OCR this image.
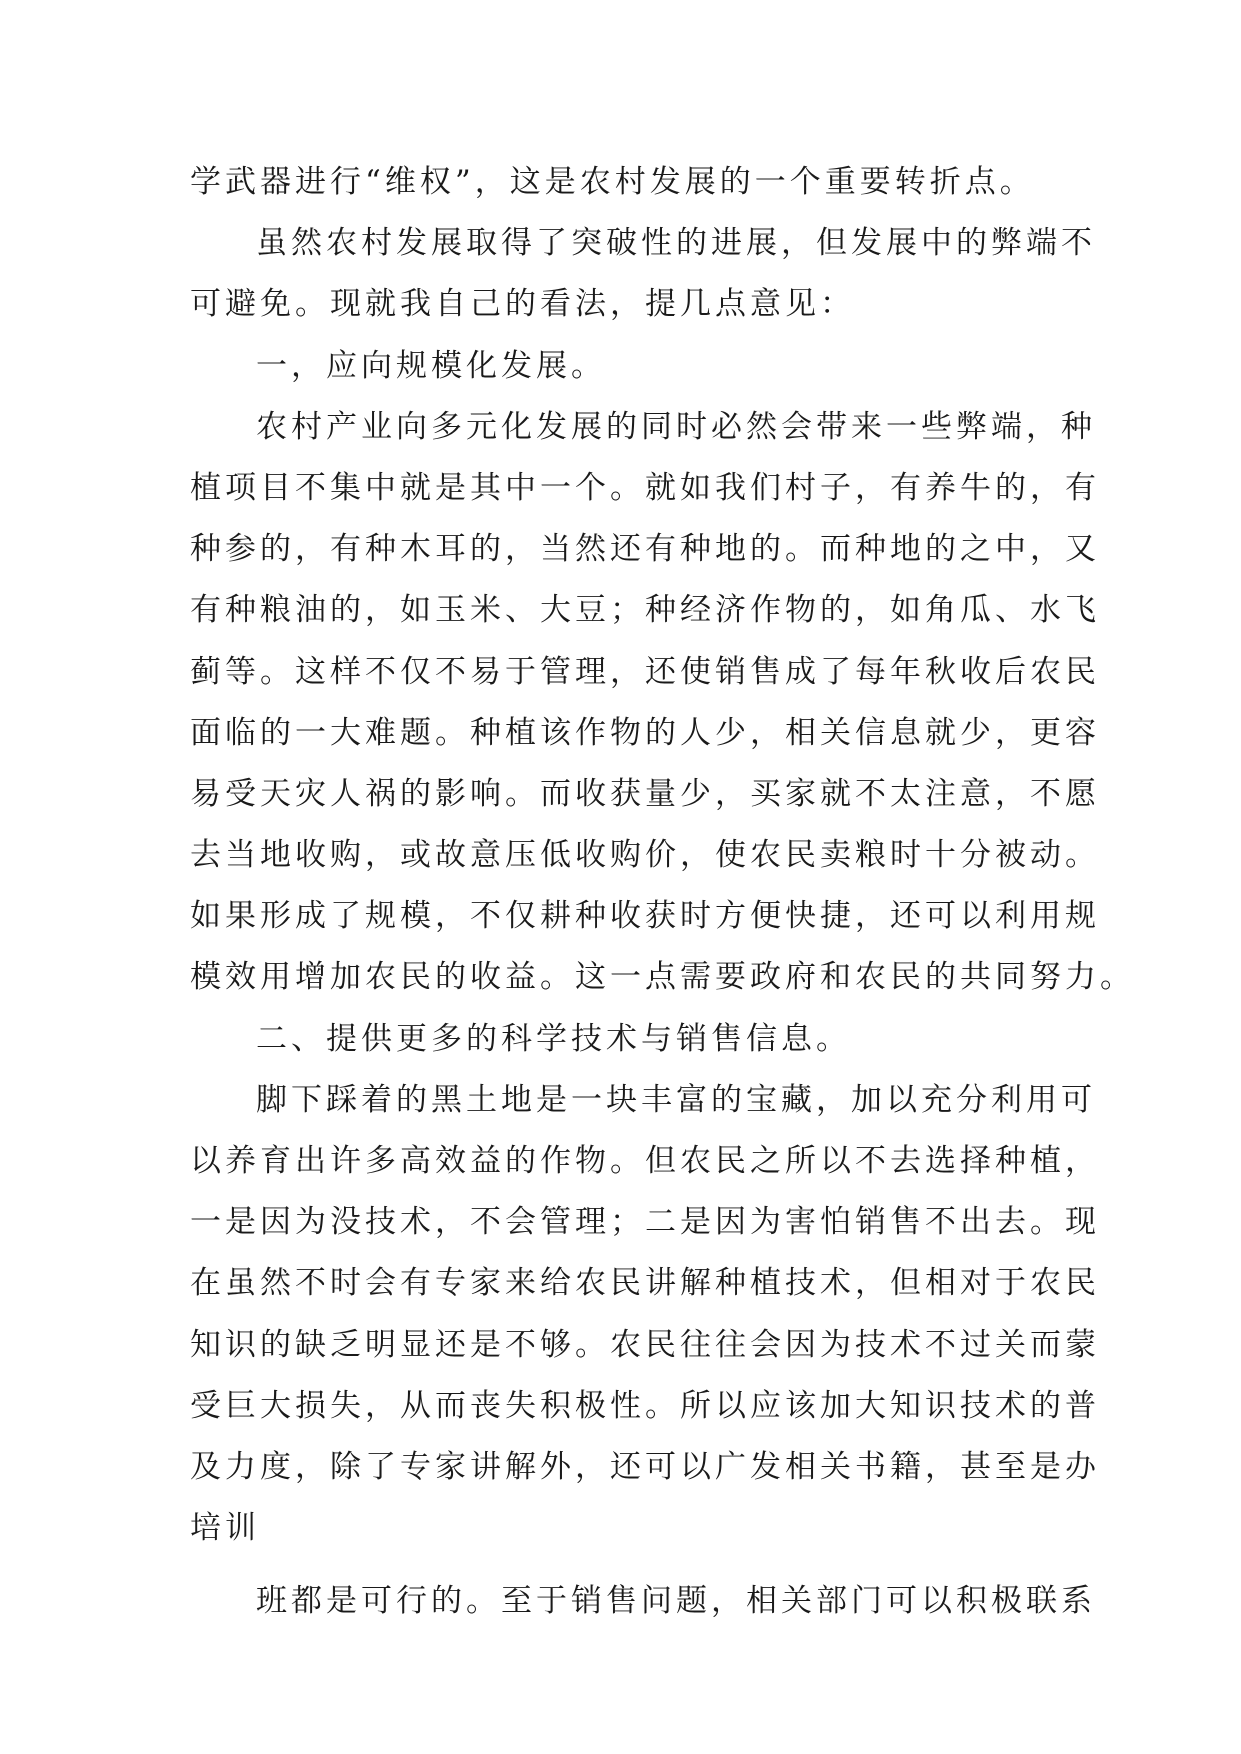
学武器进行“维权”，这是农村发展的一个重要转折点。
虽然农村发展取得了突破性的进展，但发展中的弊端不
可避免。现就我自己的看法，提几点意见：
一，应向规模化发展。
农村产业向多元化发展的同时必然会带来一些弊端，种
植项目不集中就是其中一个。就如我们村子，有养牛的，有
种参的，有种木耳的，当然还有种地的。而种地的之中，又
有种粮油的，如玉米、大豆；种经济作物的，如角瓜、水飞
蓟等。这样不仅不易于管理，还使销售成了每年秋收后农民
面临的一大难题。种植该作物的人少，相关信息就少，更容
易受天灾人祸的影响。而收获量少，买家就不太注意，不愿
去当地收购，或故意压低收购价，使农民卖粮时十分被动。
如果形成了规模，不仅耕种收获时方便快捷，还可以利用规
模效用增加农民的收益。这一点需要政府和农民的共同努力。
二、提供更多的科学技术与销售信息。
脚下踩着的黑土地是一块丰富的宝藏，加以充分利用可
以养育出许多高效益的作物。但农民之所以不去选择种植，
一是因为没技术，不会管理；二是因为害怕销售不出去。现
在虽然不时会有专家来给农民讲解种植技术，但相对于农民
知识的缺乏明显还是不够。农民往往会因为技术不过关而蒙
受巨大损失，从而丧失积极性。所以应该加大知识技术的普
及力度，除了专家讲解外，还可以广发相关书籍，甚至是办
培训
班都是可行的。至于销售问题，相关部门可以积极联系
